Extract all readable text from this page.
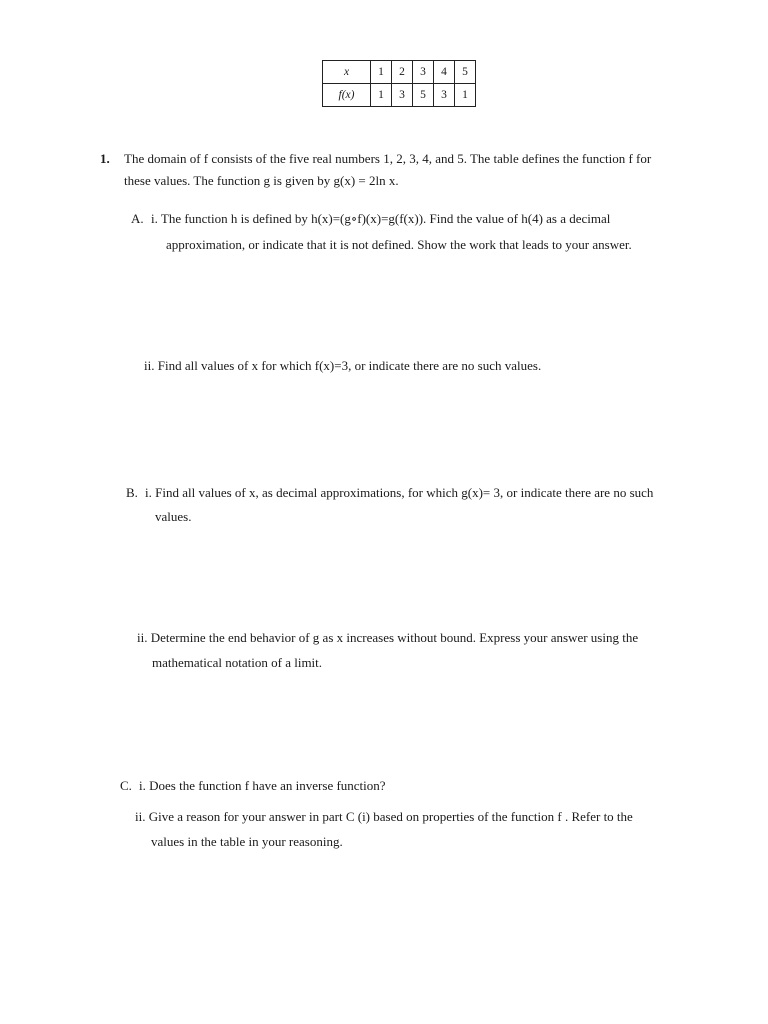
x	1	2	3	4	5
f(x)	1	3	5	3	1
1. The domain of f consists of the five real numbers 1, 2, 3, 4, and 5. The table defines the function f for
these values. The function g is given by g(x) = 2ln x.
A. i. The function h is defined by h(x)=(g∘f)(x)=g(f(x)). Find the value of h(4) as a decimal
approximation, or indicate that it is not defined. Show the work that leads to your answer.
ii. Find all values of x for which f(x)=3, or indicate there are no such values.
B. i. Find all values of x, as decimal approximations, for which g(x)= 3, or indicate there are no such
values.
ii. Determine the end behavior of g as x increases without bound. Express your answer using the
mathematical notation of a limit.
C. i. Does the function f have an inverse function?
ii. Give a reason for your answer in part C (i) based on properties of the function f . Refer to the
values in the table in your reasoning.
